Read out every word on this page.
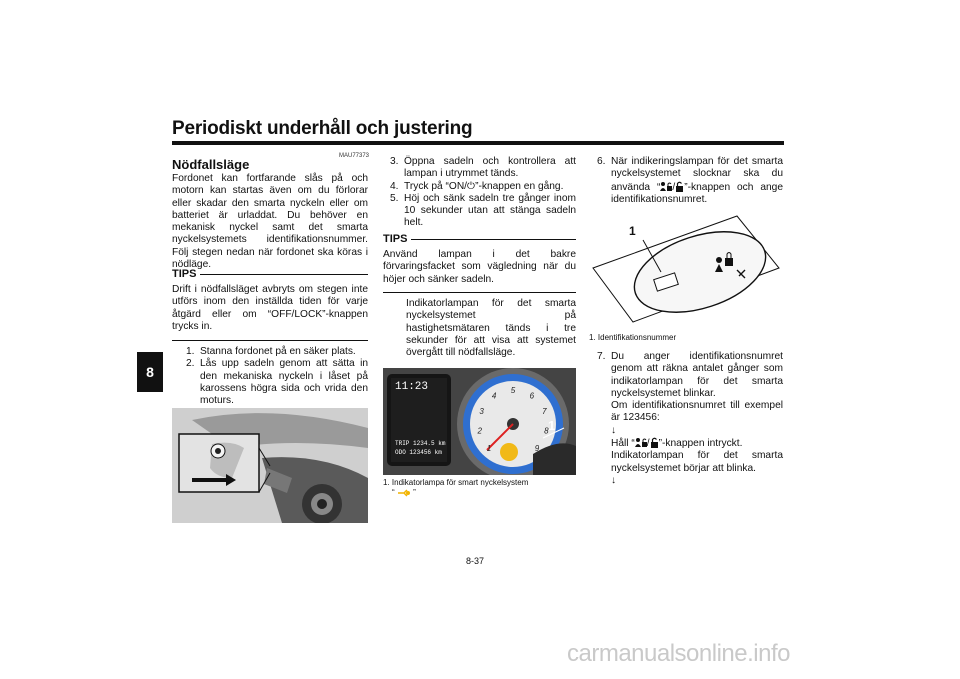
Periodiskt underhåll och justering
8
MAU77373
Nödfallsläge
Fordonet kan fortfarande slås på och motorn kan startas även om du förlorar eller skadar den smarta nyckeln eller om batteriet är urladdat. Du behöver en mekanisk nyckel samt det smarta nyckelsystemets identifikationsnummer. Följ stegen nedan när fordonet ska köras i nödläge.
TIPS
Drift i nödfallsläget avbryts om stegen inte utförs inom den inställda tiden för varje åtgärd eller om “OFF/LOCK”-knappen trycks in.
1. Stanna fordonet på en säker plats.
2. Lås upp sadeln genom att sätta in den mekaniska nyckeln i låset på karossens högra sida och vrida den moturs.
3. Öppna sadeln och kontrollera att lampan i utrymmet tänds.
4. Tryck på “ON/⏻”-knappen en gång.
5. Höj och sänk sadeln tre gånger inom 10 sekunder utan att stänga sadeln helt.
TIPS
Använd lampan i det bakre förvaringsfacket som vägledning när du höjer och sänker sadeln.
Indikatorlampan för det smarta nyckelsystemet på hastighetsmätaren tänds i tre sekunder för att visa att systemet övergått till nödfallsläge.
1
2
3
4
5
6
7
8
9
11:23
TRIP 1234.5 km
ODO 123456 km
1
1. Indikatorlampa för smart nyckelsystem
“ ”
6. När indikeringslampan för det smarta nyckelsystemet slocknar ska du använda “ / ”-knappen och ange identifikationsnumret.
1
1. Identifikationsnummer
7. Du anger identifikationsnumret genom att räkna antalet gånger som indikatorlampan för det smarta nyckelsystemet blinkar.
Om identifikationsnumret till exempel är 123456:
↓
Håll “ / ”-knappen intryckt.
Indikatorlampan för det smarta nyckelsystemet börjar att blinka.
↓
8-37
carmanualsonline.info
